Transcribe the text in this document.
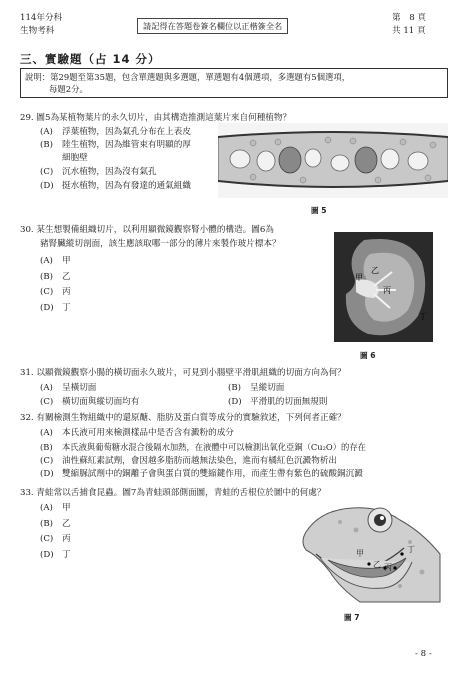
114年分科
生物考科	請記得在答題卷簽名欄位以正楷簽全名
第　8 頁
共 11 頁
三、實驗題（占 14 分）
說明：第29題至第35題，包含單選題與多選題，單選題有4個選項，多選題有5個選項，
每題2分。
29. 圖5為某植物葉片的永久切片，由其構造推測這葉片來自何種植物？
(A) 浮葉植物，因為氣孔分布在上表皮
(B) 陸生植物，因為維管束有明顯的厚
細胞壁
(C) 沉水植物，因為沒有氣孔
(D) 挺水植物，因為有發達的通氣組織
圖 5
30. 某生想製備組織切片，以利用顯微鏡觀察腎小體的構造。圖6為
豬腎臟縱切剖面，該生應該取哪一部分的薄片來製作玻片標本？
(A) 甲
(B) 乙
(C) 丙
(D) 丁
甲
乙
丙
丁
圖 6
31. 以顯微鏡觀察小腸的橫切面永久玻片，可見到小腸壁平滑肌組織的切面方向為何？
(A) 呈橫切面	(B) 呈縱切面
(C) 橫切面與縱切面均有	(D) 平滑肌的切面無規則
32. 有關檢測生物組織中的還原醣、脂肪及蛋白質等成分的實驗敘述，下列何者正確？
(A) 本氏液可用來檢測樣品中是否含有澱粉的成分
(B) 本氏液與葡萄糖水混合後隔水加熱，在液體中可以檢測出氧化亞銅（Cu₂O）的存在
(C) 油性蘇紅素試劑，會因越多脂肪而越無法染色，進而有橘紅色沉澱物析出
(D) 雙縮脲試劑中的銅離子會與蛋白質的雙縮鍵作用，而產生帶有紫色的硫酸銅沉澱
33. 青蛙常以舌捕食昆蟲。圖7為青蛙頭部側面圖，青蛙的舌根位於圖中的何處？
(A) 甲
(B) 乙
(C) 丙
(D) 丁	甲
乙 丙
丁
圖 7
- 8 -
